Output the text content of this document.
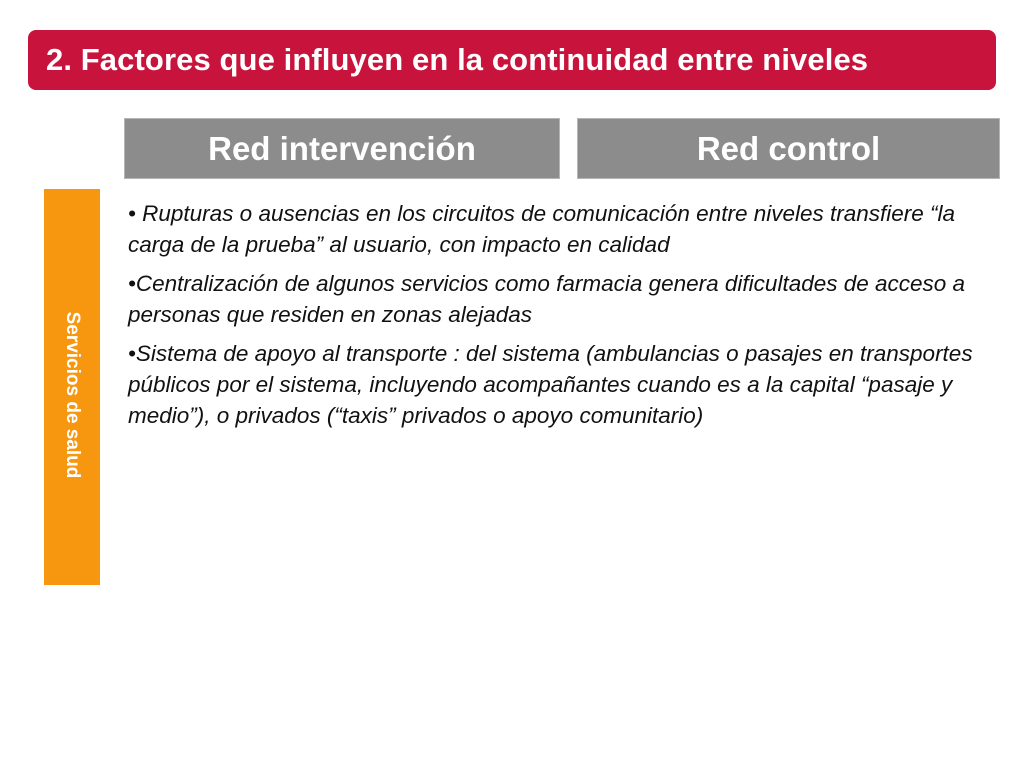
2. Factores que influyen en la continuidad entre niveles
Red intervención	Red control
Servicios de salud

• Rupturas o ausencias en los circuitos de comunicación entre niveles transfiere “la carga de la prueba” al usuario, con impacto en calidad

•Centralización de algunos servicios como farmacia genera dificultades de acceso a personas que residen en zonas alejadas

•Sistema de apoyo al transporte : del sistema (ambulancias o pasajes en transportes públicos por el sistema, incluyendo acompañantes cuando es a la capital “pasaje y medio”), o privados (“taxis” privados o apoyo comunitario)
